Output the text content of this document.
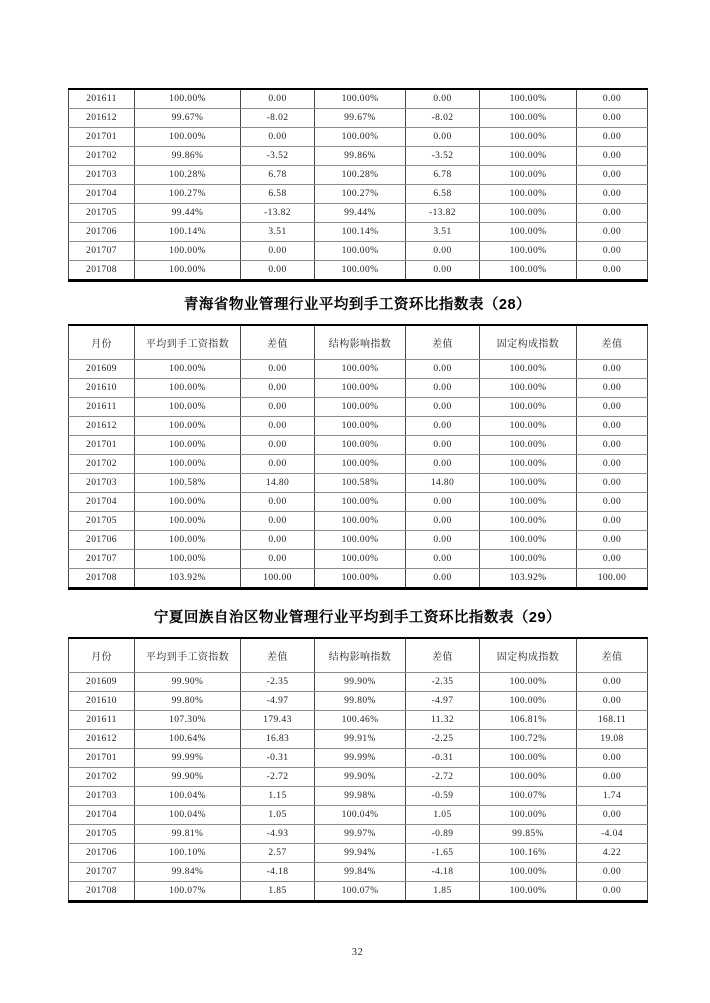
201611	100.00%	0.00	100.00%	0.00	100.00%	0.00
201612	99.67%	-8.02	99.67%	-8.02	100.00%	0.00
201701	100.00%	0.00	100.00%	0.00	100.00%	0.00
201702	99.86%	-3.52	99.86%	-3.52	100.00%	0.00
201703	100.28%	6.78	100.28%	6.78	100.00%	0.00
201704	100.27%	6.58	100.27%	6.58	100.00%	0.00
201705	99.44%	-13.82	99.44%	-13.82	100.00%	0.00
201706	100.14%	3.51	100.14%	3.51	100.00%	0.00
201707	100.00%	0.00	100.00%	0.00	100.00%	0.00
201708	100.00%	0.00	100.00%	0.00	100.00%	0.00
青海省物业管理行业平均到手工资环比指数表（28）
月份	平均到手工资指数	差值	结构影响指数	差值	固定构成指数	差值
201609	100.00%	0.00	100.00%	0.00	100.00%	0.00
201610	100.00%	0.00	100.00%	0.00	100.00%	0.00
201611	100.00%	0.00	100.00%	0.00	100.00%	0.00
201612	100.00%	0.00	100.00%	0.00	100.00%	0.00
201701	100.00%	0.00	100.00%	0.00	100.00%	0.00
201702	100.00%	0.00	100.00%	0.00	100.00%	0.00
201703	100.58%	14.80	100.58%	14.80	100.00%	0.00
201704	100.00%	0.00	100.00%	0.00	100.00%	0.00
201705	100.00%	0.00	100.00%	0.00	100.00%	0.00
201706	100.00%	0.00	100.00%	0.00	100.00%	0.00
201707	100.00%	0.00	100.00%	0.00	100.00%	0.00
201708	103.92%	100.00	100.00%	0.00	103.92%	100.00
宁夏回族自治区物业管理行业平均到手工资环比指数表（29）
月份	平均到手工资指数	差值	结构影响指数	差值	固定构成指数	差值
201609	99.90%	-2.35	99.90%	-2.35	100.00%	0.00
201610	99.80%	-4.97	99.80%	-4.97	100.00%	0.00
201611	107.30%	179.43	100.46%	11.32	106.81%	168.11
201612	100.64%	16.83	99.91%	-2.25	100.72%	19.08
201701	99.99%	-0.31	99.99%	-0.31	100.00%	0.00
201702	99.90%	-2.72	99.90%	-2.72	100.00%	0.00
201703	100.04%	1.15	99.98%	-0.59	100.07%	1.74
201704	100.04%	1.05	100.04%	1.05	100.00%	0.00
201705	99.81%	-4.93	99.97%	-0.89	99.85%	-4.04
201706	100.10%	2.57	99.94%	-1.65	100.16%	4.22
201707	99.84%	-4.18	99.84%	-4.18	100.00%	0.00
201708	100.07%	1.85	100.07%	1.85	100.00%	0.00
32
